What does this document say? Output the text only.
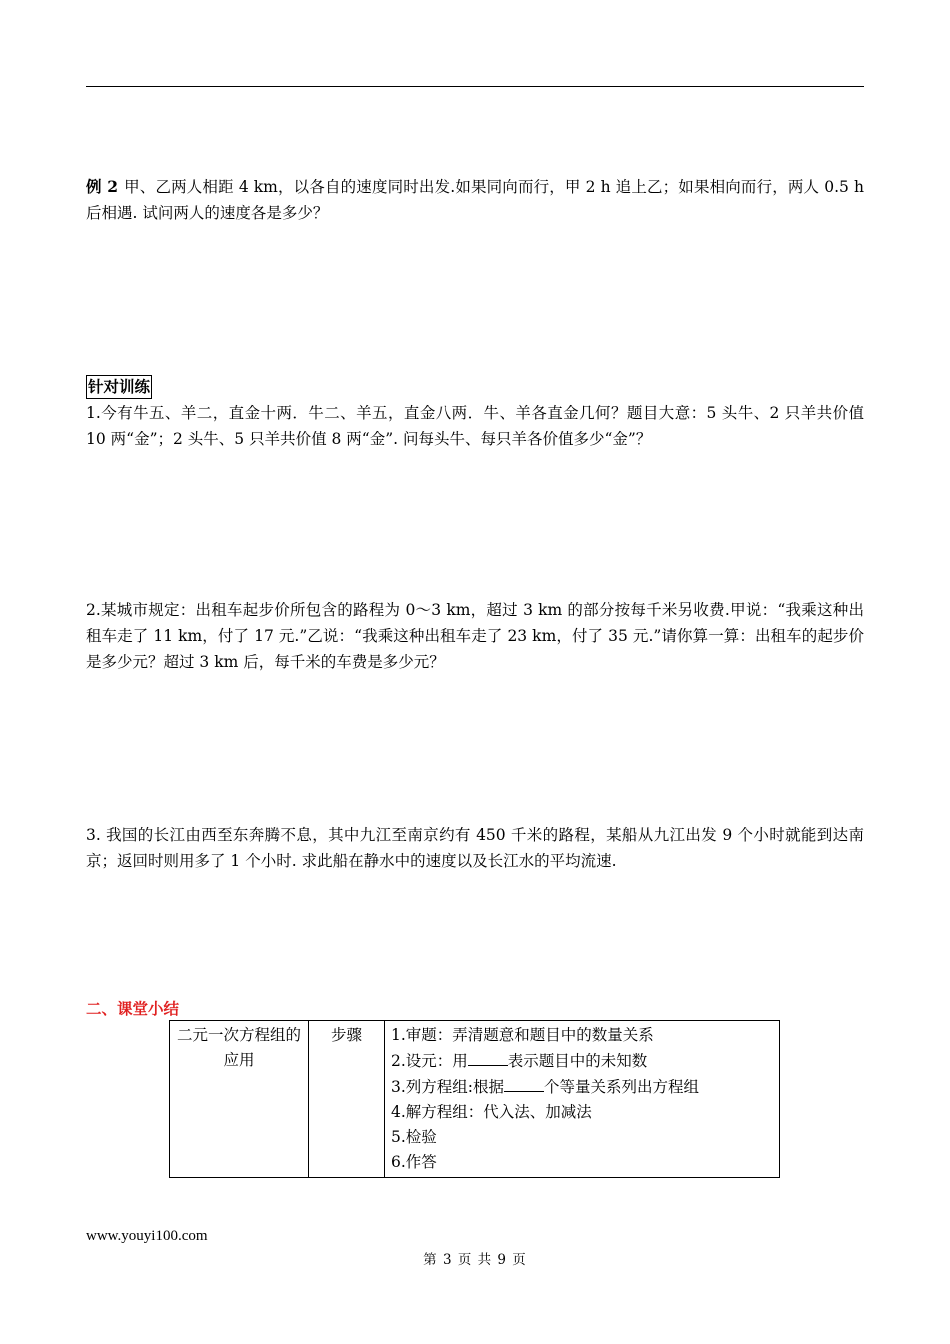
例 2 甲、乙两人相距 4 km，以各自的速度同时出发.如果同向而行，甲 2 h 追上乙；如果相向而行，两人 0.5 h 后相遇. 试问两人的速度各是多少？
针对训练
1.今有牛五、羊二，直金十两．牛二、羊五，直金八两．牛、羊各直金几何？题目大意：5 头牛、2 只羊共价值 10 两“金”；2 头牛、5 只羊共价值 8 两“金”. 问每头牛、每只羊各价值多少“金”？
2.某城市规定：出租车起步价所包含的路程为 0～3 km，超过 3 km 的部分按每千米另收费.甲说：“我乘这种出租车走了 11 km，付了 17 元.”乙说：“我乘这种出租车走了 23 km，付了 35 元.”请你算一算：出租车的起步价是多少元？超过 3 km 后，每千米的车费是多少元？
3. 我国的长江由西至东奔腾不息，其中九江至南京约有 450 千米的路程，某船从九江出发 9 个小时就能到达南京；返回时则用多了 1 个小时. 求此船在静水中的速度以及长江水的平均流速.
二、课堂小结
二元一次方程组的应用	步骤	1.审题：弄清题意和题目中的数量关系
2.设元：用	表示题目中的未知数
3.列方程组:根据	个等量关系列出方程组
4.解方程组：代入法、加减法
5.检验
6.作答
www.youyi100.com
第 3 页 共 9 页
